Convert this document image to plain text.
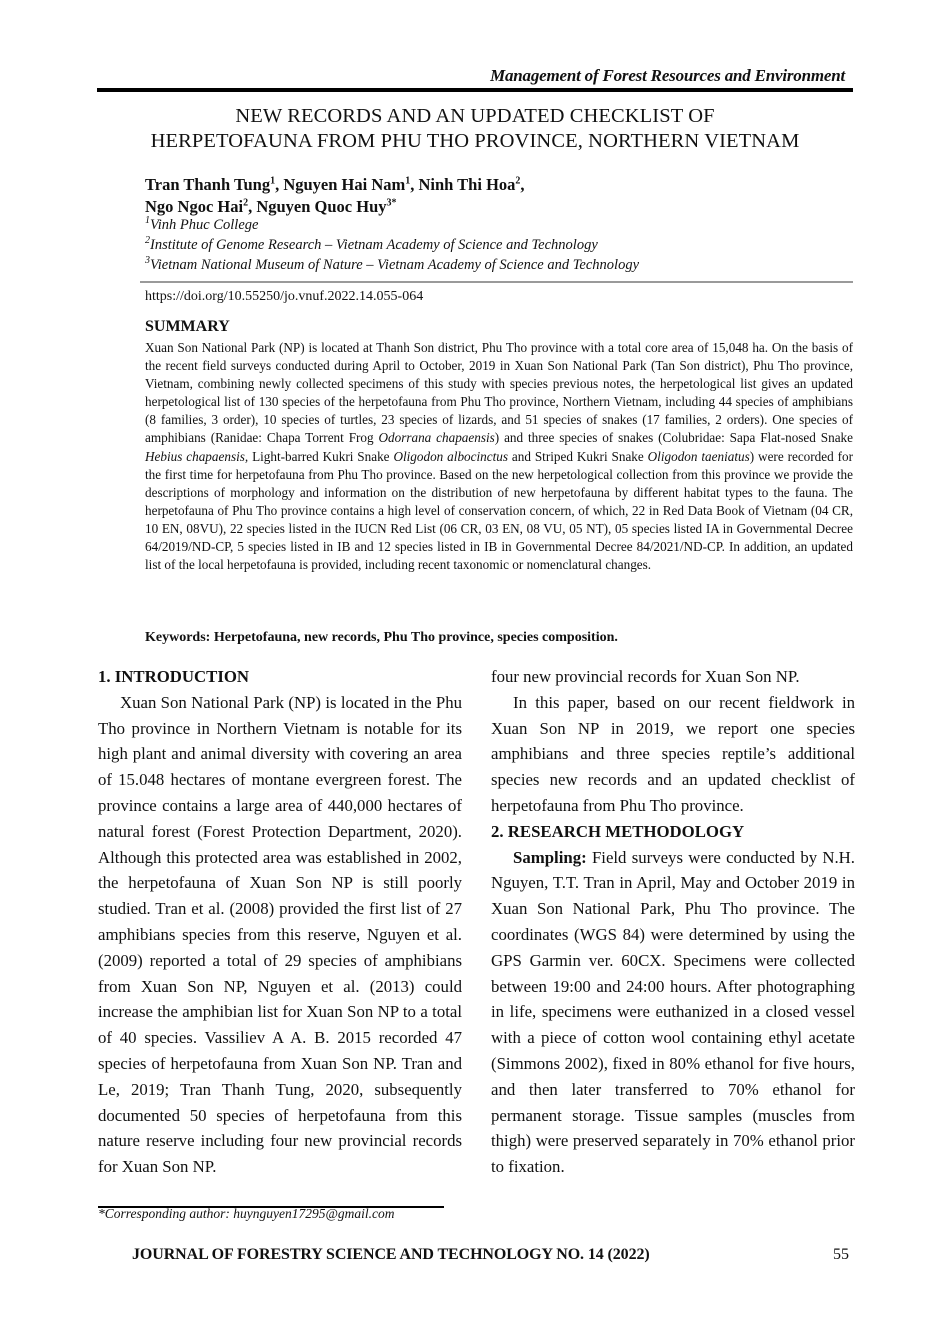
Management of Forest Resources and Environment
NEW RECORDS AND AN UPDATED CHECKLIST OF
HERPETOFAUNA FROM PHU THO PROVINCE, NORTHERN VIETNAM
Tran Thanh Tung$^1$, Nguyen Hai Nam$^1$, Ninh Thi Hoa$^2$,
Ngo Ngoc Hai$^2$, Nguyen Quoc Huy$^{3*}$
$^1$Vinh Phuc College
$^2$Institute of Genome Research – Vietnam Academy of Science and Technology
$^3$Vietnam National Museum of Nature – Vietnam Academy of Science and Technology
https://doi.org/10.55250/jo.vnuf.2022.14.055-064
SUMMARY
Xuan Son National Park (NP) is located at Thanh Son district, Phu Tho province with a total core area of 15,048 ha. On the basis of the recent field surveys conducted during April to October, 2019 in Xuan Son National Park (Tan Son district), Phu Tho province, Vietnam, combining newly collected specimens of this study with species previous notes, the herpetological list gives an updated herpetological list of 130 species of the herpetofauna from Phu Tho province, Northern Vietnam, including 44 species of amphibians (8 families, 3 order), 10 species of turtles, 23 species of lizards, and 51 species of snakes (17 families, 2 orders). One species of amphibians (Ranidae: Chapa Torrent Frog Odorrana chapaensis) and three species of snakes (Colubridae: Sapa Flat-nosed Snake Hebius chapaensis, Light-barred Kukri Snake Oligodon albocinctus and Striped Kukri Snake Oligodon taeniatus) were recorded for the first time for herpetofauna from Phu Tho province. Based on the new herpetological collection from this province we provide the descriptions of morphology and information on the distribution of new herpetofauna by different habitat types to the fauna. The herpetofauna of Phu Tho province contains a high level of conservation concern, of which, 22 in Red Data Book of Vietnam (04 CR, 10 EN, 08VU), 22 species listed in the IUCN Red List (06 CR, 03 EN, 08 VU, 05 NT), 05 species listed IA in Governmental Decree 64/2019/ND-CP, 5 species listed in IB and 12 species listed in IB in Governmental Decree 84/2021/ND-CP. In addition, an updated list of the local herpetofauna is provided, including recent taxonomic or nomenclatural changes.
Keywords: Herpetofauna, new records, Phu Tho province, species composition.

1. INTRODUCTION

Xuan Son National Park (NP) is located in the Phu Tho province in Northern Vietnam is notable for its high plant and animal diversity with covering an area of 15.048 hectares of montane evergreen forest. The province contains a large area of 440,000 hectares of natural forest (Forest Protection Department, 2020). Although this protected area was established in 2002, the herpetofauna of Xuan Son NP is still poorly studied. Tran et al. (2008) provided the first list of 27 amphibians species from this reserve, Nguyen et al. (2009) reported a total of 29 species of amphibians from Xuan Son NP, Nguyen et al. (2013) could increase the amphibian list for Xuan Son NP to a total of 40 species. Vassiliev A A. B. 2015 recorded 47 species of herpetofauna from Xuan Son NP. Tran and Le, 2019; Tran Thanh Tung, 2020, subsequently documented 50 species of herpetofauna from this nature reserve including four new provincial records for Xuan Son NP.

four new provincial records for Xuan Son NP.

In this paper, based on our recent fieldwork in Xuan Son NP in 2019, we report one species amphibians and three species reptile’s additional species new records and an updated checklist of herpetofauna from Phu Tho province.

2. RESEARCH METHODOLOGY

Sampling: Field surveys were conducted by N.H. Nguyen, T.T. Tran in April, May and October 2019 in Xuan Son National Park, Phu Tho province. The coordinates (WGS 84) were determined by using the GPS Garmin ver. 60CX. Specimens were collected between 19:00 and 24:00 hours. After photographing in life, specimens were euthanized in a closed vessel with a piece of cotton wool containing ethyl acetate (Simmons 2002), fixed in 80% ethanol for five hours, and then later transferred to 70% ethanol for permanent storage. Tissue samples (muscles from thigh) were preserved separately in 70% ethanol prior to fixation.

*Corresponding author: huynguyen17295@gmail.com
JOURNAL OF FORESTRY SCIENCE AND TECHNOLOGY NO. 14 (2022)	55
